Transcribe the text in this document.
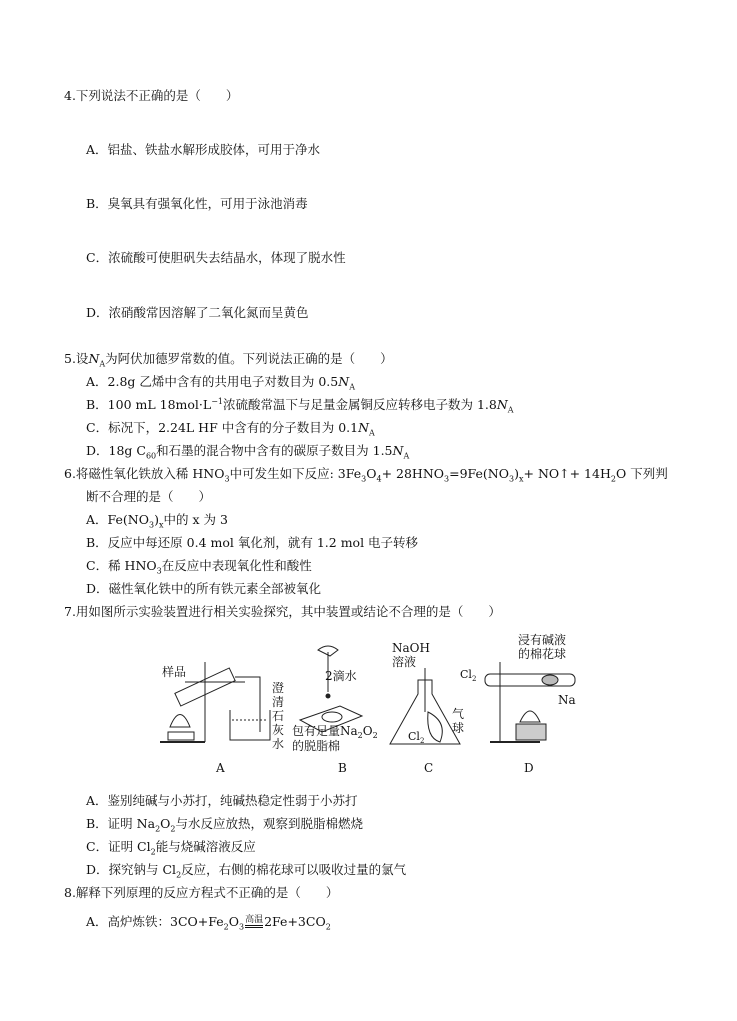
4.下列说法不正确的是（　　）
A．铝盐、铁盐水解形成胶体，可用于净水
B．臭氧具有强氧化性，可用于泳池消毒
C．浓硫酸可使胆矾失去结晶水，体现了脱水性
D．浓硝酸常因溶解了二氧化氮而呈黄色
5.设$N_A$为阿伏加德罗常数的值。下列说法正确的是（　　）
A．2.8g 乙烯中含有的共用电子对数目为 $0.5N_A$
B．100 mL $18mol\cdot L^{-1}$浓硫酸常温下与足量金属铜反应转移电子数为 $1.8N_A$
C．标况下，2.24L HF 中含有的分子数目为 $0.1N_A$
D．18g $C_{60}$和石墨的混合物中含有的碳原子数目为 $1.5N_A$
6.将磁性氧化铁放入稀 $HNO_3$中可发生如下反应: $3Fe_3O_4+ 28HNO_3=9Fe(NO_3)_x+$ NO↑+ $14H_2O$ 下列判
断不合理的是（　　）
A．$Fe(NO_3)_x$中的 x 为 3
B．反应中每还原 0.4 mol 氧化剂，就有 1.2 mol 电子转移
C．稀 $HNO_3$在反应中表现氧化性和酸性
D．磁性氧化铁中的所有铁元素全部被氧化
7.用如图所示实验装置进行相关实验探究，其中装置或结论不合理的是（　　）
样品
澄
清
石
灰
水
A
2滴水
包有足量$Na_2O_2$
的脱脂棉
B
NaOH
溶液
气
球
$Cl_2$
C
$Cl_2$
浸有碱液
的棉花球
Na
D
A．鉴别纯碱与小苏打，纯碱热稳定性弱于小苏打
B．证明 $Na_2O_2$与水反应放热，观察到脱脂棉燃烧
C．证明 $Cl_2$能与烧碱溶液反应
D．探究钠与 $Cl_2$反应，右侧的棉花球可以吸收过量的氯气
8.解释下列原理的反应方程式不正确的是（　　）
A．高炉炼铁：$3CO+Fe_2O_3$
高温 $2Fe+3CO_2$
